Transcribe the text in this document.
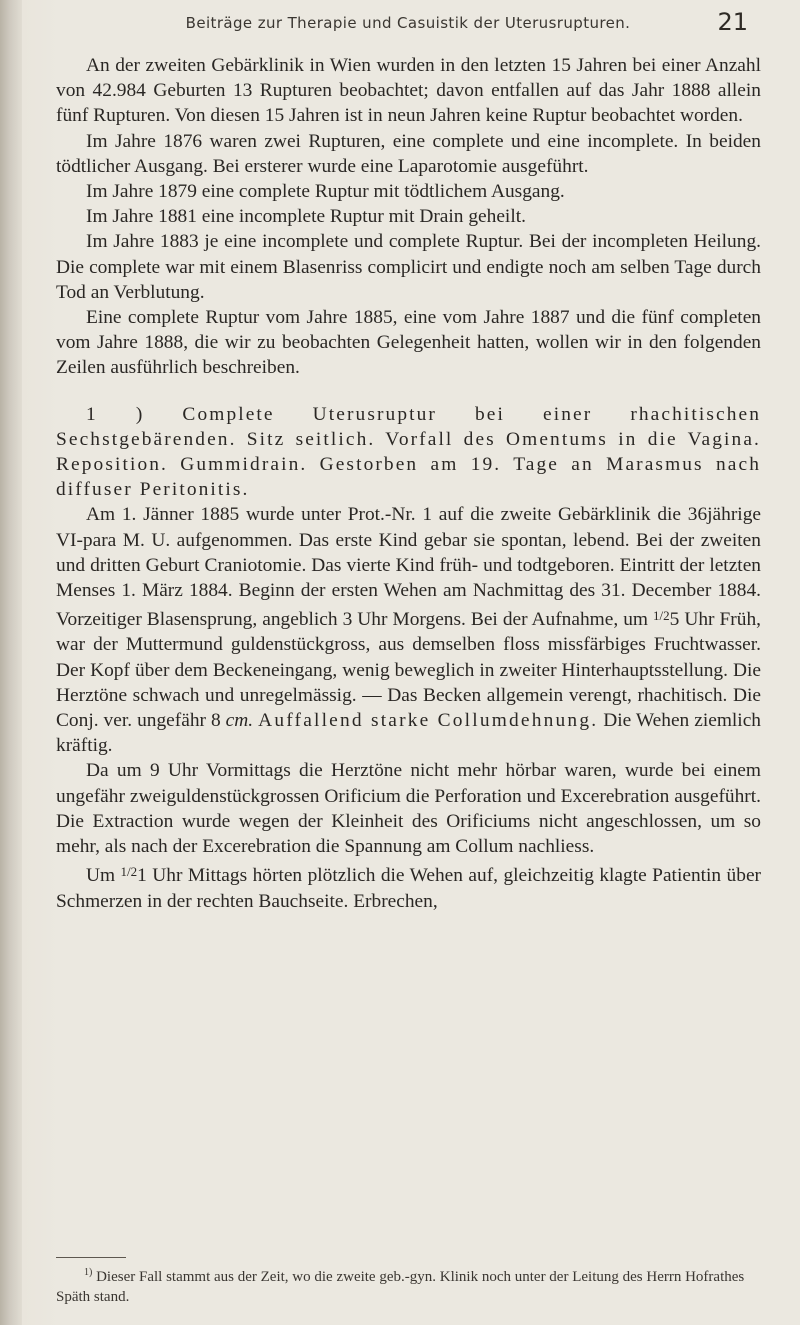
Beiträge zur Therapie und Casuistik der Uterusrupturen.	21

An der zweiten Gebärklinik in Wien wurden in den letzten 15 Jahren bei einer Anzahl von 42.984 Geburten 13 Rupturen beobachtet; davon entfallen auf das Jahr 1888 allein fünf Rupturen. Von diesen 15 Jahren ist in neun Jahren keine Ruptur beobachtet worden.

Im Jahre 1876 waren zwei Rupturen, eine complete und eine incomplete. In beiden tödtlicher Ausgang. Bei ersterer wurde eine Laparotomie ausgeführt.

Im Jahre 1879 eine complete Ruptur mit tödtlichem Ausgang.

Im Jahre 1881 eine incomplete Ruptur mit Drain geheilt.

Im Jahre 1883 je eine incomplete und complete Ruptur. Bei der incompleten Heilung. Die complete war mit einem Blasenriss complicirt und endigte noch am selben Tage durch Tod an Verblutung.

Eine complete Ruptur vom Jahre 1885, eine vom Jahre 1887 und die fünf completen vom Jahre 1888, die wir zu beobachten Gelegenheit hatten, wollen wir in den folgenden Zeilen ausführlich beschreiben.

1 ) Complete Uterusruptur bei einer rhachitischen Sechstgebärenden. Sitz seitlich. Vorfall des Omentums in die Vagina. Reposition. Gummidrain. Gestorben am 19. Tage an Marasmus nach diffuser Peritonitis.

Am 1. Jänner 1885 wurde unter Prot.-Nr. 1 auf die zweite Gebärklinik die 36jährige VI-para M. U. aufgenommen. Das erste Kind gebar sie spontan, lebend. Bei der zweiten und dritten Geburt Craniotomie. Das vierte Kind früh- und todtgeboren. Eintritt der letzten Menses 1. März 1884. Beginn der ersten Wehen am Nachmittag des 31. December 1884. Vorzeitiger Blasensprung, angeblich 3 Uhr Morgens. Bei der Aufnahme, um $^{1/2}$5 Uhr Früh, war der Muttermund guldenstückgross, aus demselben floss missfärbiges Fruchtwasser. Der Kopf über dem Beckeneingang, wenig beweglich in zweiter Hinterhauptsstellung. Die Herztöne schwach und unregelmässig. — Das Becken allgemein verengt, rhachitisch. Die Conj. ver. ungefähr 8 cm. Auffallend starke Collumdehnung. Die Wehen ziemlich kräftig.

Da um 9 Uhr Vormittags die Herztöne nicht mehr hörbar waren, wurde bei einem ungefähr zweiguldenstückgrossen Orificium die Perforation und Excerebration ausgeführt. Die Extraction wurde wegen der Kleinheit des Orificiums nicht angeschlossen, um so mehr, als nach der Excerebration die Spannung am Collum nachliess.

Um $^{1/2}$1 Uhr Mittags hörten plötzlich die Wehen auf, gleichzeitig klagte Patientin über Schmerzen in der rechten Bauchseite. Erbrechen,

$^{1)}$ Dieser Fall stammt aus der Zeit, wo die zweite geb.-gyn. Klinik noch unter der Leitung des Herrn Hofrathes Späth stand.
